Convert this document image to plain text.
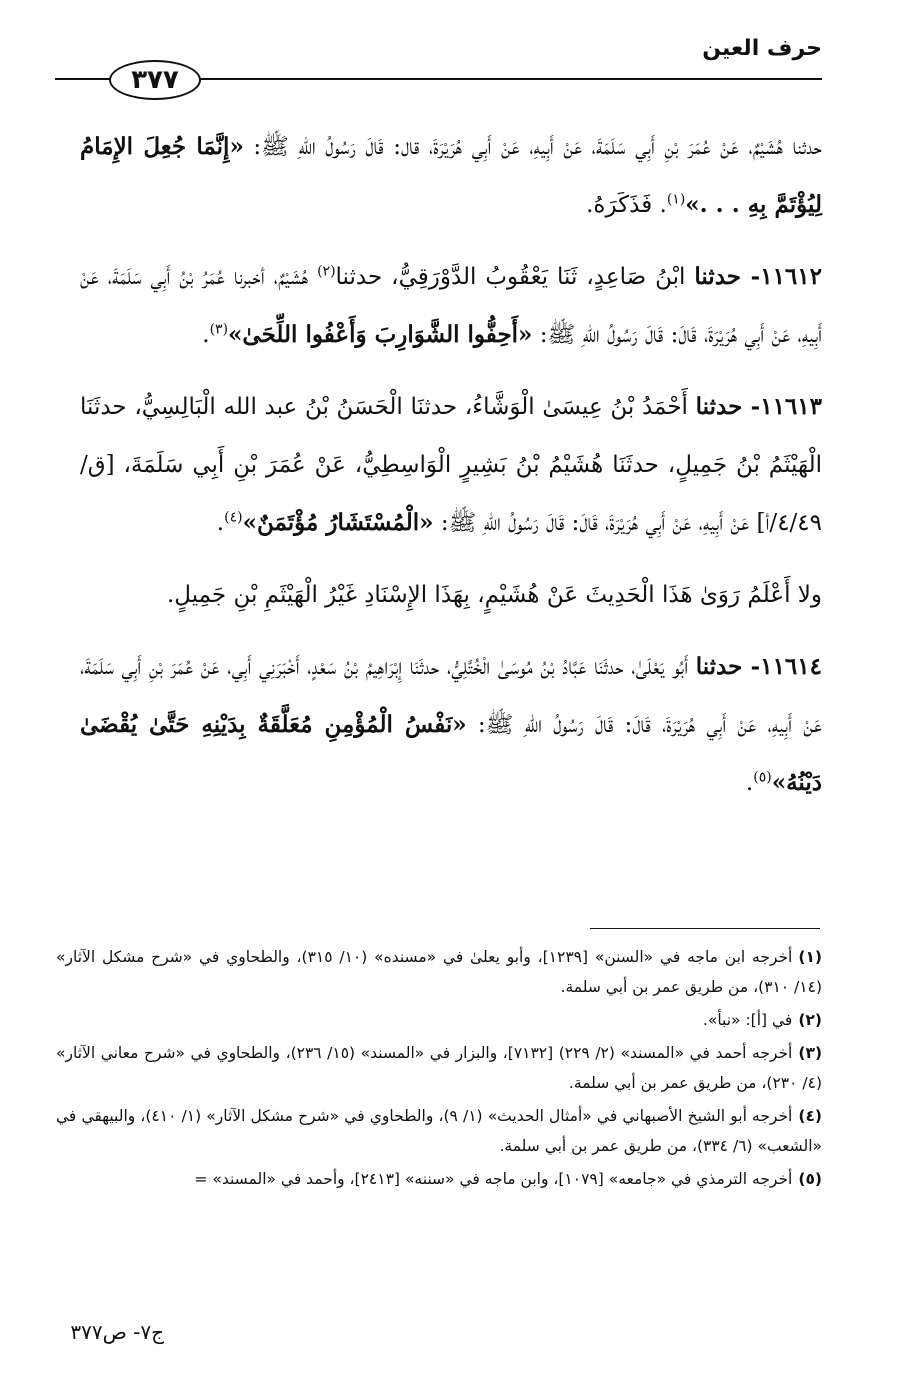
حرف العين
٣٧٧

حدثنا هُشَيْمٌ، عَنْ عُمَرَ بْنِ أَبِي سَلَمَةَ، عَنْ أَبِيهِ، عَنْ أَبِي هُرَيْرَةَ، قال: قَالَ رَسُولُ اللهِ ﷺ: «إِنَّمَا جُعِلَ الإِمَامُ لِيُؤْتَمَّ بِهِ . . .»$^{(١)}$. فَذَكَرَهُ.

١١٦١٢- حدثنا ابْنُ صَاعِدٍ، ثَنَا يَعْقُوبُ الدَّوْرَقِيُّ، حدثنا$^{(٢)}$ هُشَيْمٌ، أخبرنا عُمَرُ بْنُ أَبِي سَلَمَةَ، عَنْ أَبِيهِ، عَنْ أَبِي هُرَيْرَةَ، قَالَ: قَالَ رَسُولُ اللهِ ﷺ: «أَحِفُّوا الشَّوَارِبَ وَأَعْفُوا اللِّحَىٰ»$^{(٣)}$.

١١٦١٣- حدثنا أَحْمَدُ بْنُ عِيسَىٰ الْوَشَّاءُ، حدثنَا الْحَسَنُ بْنُ عبد الله الْبَالِسِيُّ، حدثَنَا الْهَيْثَمُ بْنُ جَمِيلٍ، حدثَنَا هُشَيْمُ بْنُ بَشِيرٍ الْوَاسِطِيُّ، عَنْ عُمَرَ بْنِ أَبِي سَلَمَةَ، [ق/٤/٤٩/أ] عَنْ أَبِيهِ، عَنْ أَبِي هُرَيْرَةَ، قَالَ: قَالَ رَسُولُ اللهِ ﷺ: «الْمُسْتَشَارُ مُؤْتَمَنٌ»$^{(٤)}$.

ولا أَعْلَمُ رَوَىٰ هَذَا الْحَدِيثَ عَنْ هُشَيْمٍ، بِهَذَا الإِسْنَادِ غَيْرُ الْهَيْثَمِ بْنِ جَمِيلٍ.

١١٦١٤- حدثنا أَبُو يَعْلَىٰ، حدثَنَا عَبَّادُ بْنُ مُوسَىٰ الْخُتَّلِيُّ، حدثَنَا إِبْرَاهِيمُ بْنُ سَعْدٍ، أَخْبَرَنِي أَبِي، عَنْ عُمَرَ بْنِ أَبِي سَلَمَةَ، عَنْ أَبِيهِ، عَنْ أَبِي هُرَيْرَةَ، قَالَ: قَالَ رَسُولُ اللهِ ﷺ: «نَفْسُ الْمُؤْمِنِ مُعَلَّقَةٌ بِدَيْنِهِ حَتَّىٰ يُقْضَىٰ دَيْنُهُ»$^{(٥)}$.

(١)أخرجه ابن ماجه في «السنن» [١٢٣٩]، وأبو يعلىٰ في «مسنده» (١٠/ ٣١٥)، والطحاوي في «شرح مشكل الآثار» (١٤/ ٣١٠)، من طريق عمر بن أبي سلمة.

(٢)في [أ]: «نبأ».

(٣)أخرجه أحمد في «المسند» (٢/ ٢٢٩) [٧١٣٢]، والبزار في «المسند» (١٥/ ٢٣٦)، والطحاوي في «شرح معاني الآثار» (٤/ ٢٣٠)، من طريق عمر بن أبي سلمة.

(٤)أخرجه أبو الشيخ الأصبهاني في «أمثال الحديث» (١/ ٩)، والطحاوي في «شرح مشكل الآثار» (١/ ٤١٠)، والبيهقي في «الشعب» (٦/ ٣٣٤)، من طريق عمر بن أبي سلمة.

(٥)أخرجه الترمذي في «جامعه» [١٠٧٩]، وابن ماجه في «سننه» [٢٤١٣]، وأحمد في «المسند» =

ج٧- ص٣٧٧
